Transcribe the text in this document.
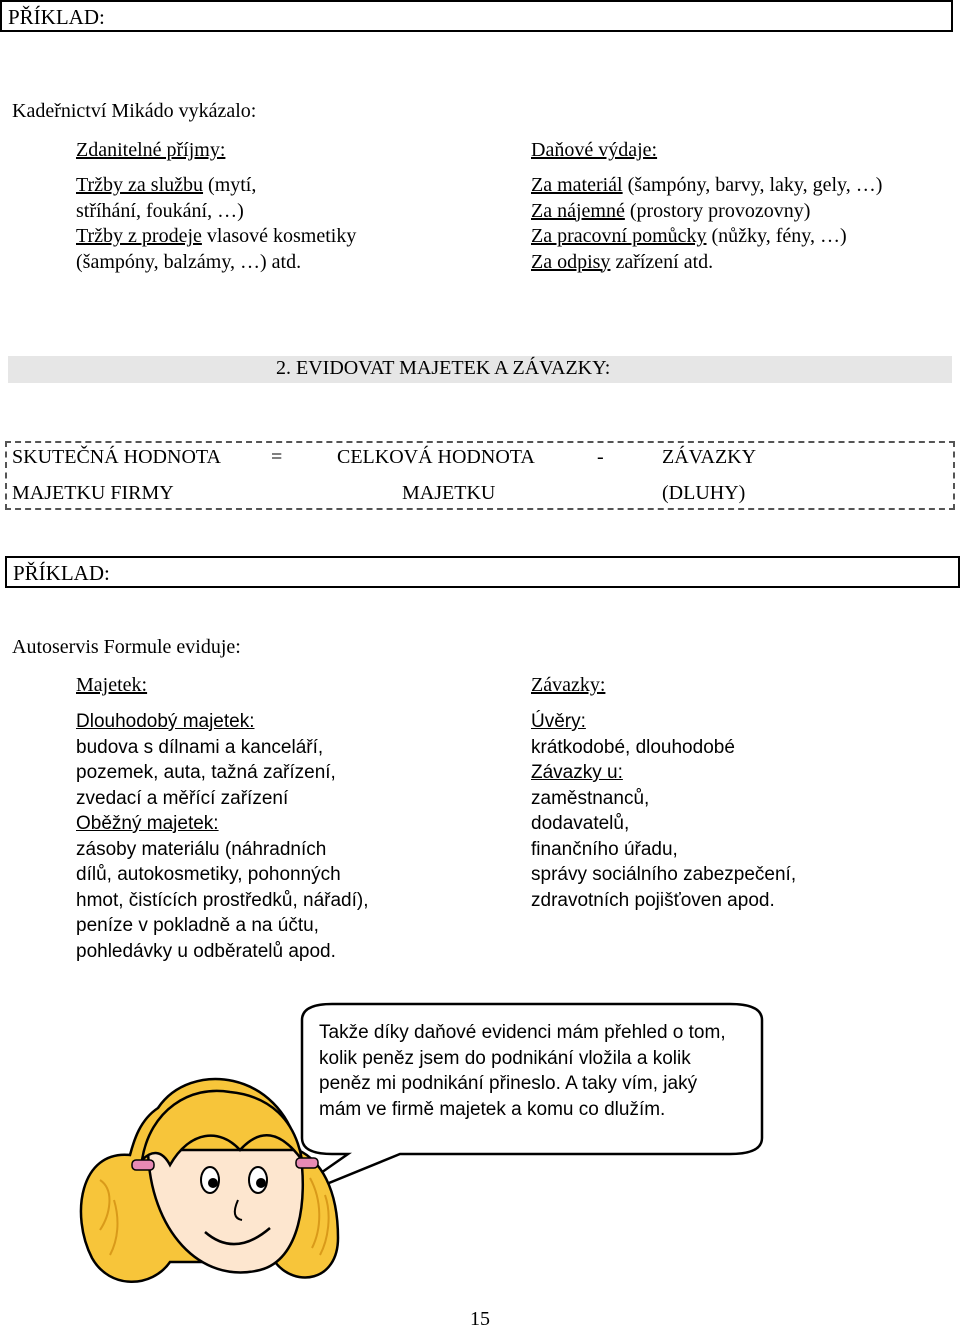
PŘÍKLAD:
Kadeřnictví Mikádo vykázalo:
Zdanitelné příjmy:
Tržby za službu (mytí,
stříhání, foukání, …)
Tržby z prodeje vlasové kosmetiky
(šampóny, balzámy, …) atd.
Daňové výdaje:
Za materiál (šampóny, barvy, laky, gely, …)
Za nájemné (prostory provozovny)
Za pracovní pomůcky (nůžky, fény, …)
Za odpisy zařízení atd.
2. EVIDOVAT MAJETEK A ZÁVAZKY:
SKUTEČNÁ HODNOTA	=	CELKOVÁ HODNOTA	-	ZÁVAZKY
MAJETKU FIRMY	MAJETKU	(DLUHY)
PŘÍKLAD:
Autoservis Formule eviduje:
Majetek:
Dlouhodobý majetek:
budova s dílnami a kanceláří,
pozemek, auta, tažná zařízení,
zvedací a měřící zařízení
Oběžný majetek:
zásoby materiálu (náhradních
dílů, autokosmetiky, pohonných
hmot, čistících prostředků, nářadí),
peníze v pokladně a na účtu,
pohledávky u odběratelů apod.
Závazky:
Úvěry:
krátkodobé, dlouhodobé
Závazky u:
zaměstnanců,
dodavatelů,
finančního úřadu,
správy sociálního zabezpečení,
zdravotních pojišťoven apod.
Takže díky daňové evidenci mám přehled o tom,
kolik peněz jsem do podnikání vložila a kolik
peněz mi podnikání přineslo. A taky vím, jaký
mám ve firmě majetek a komu co dlužím.
15
